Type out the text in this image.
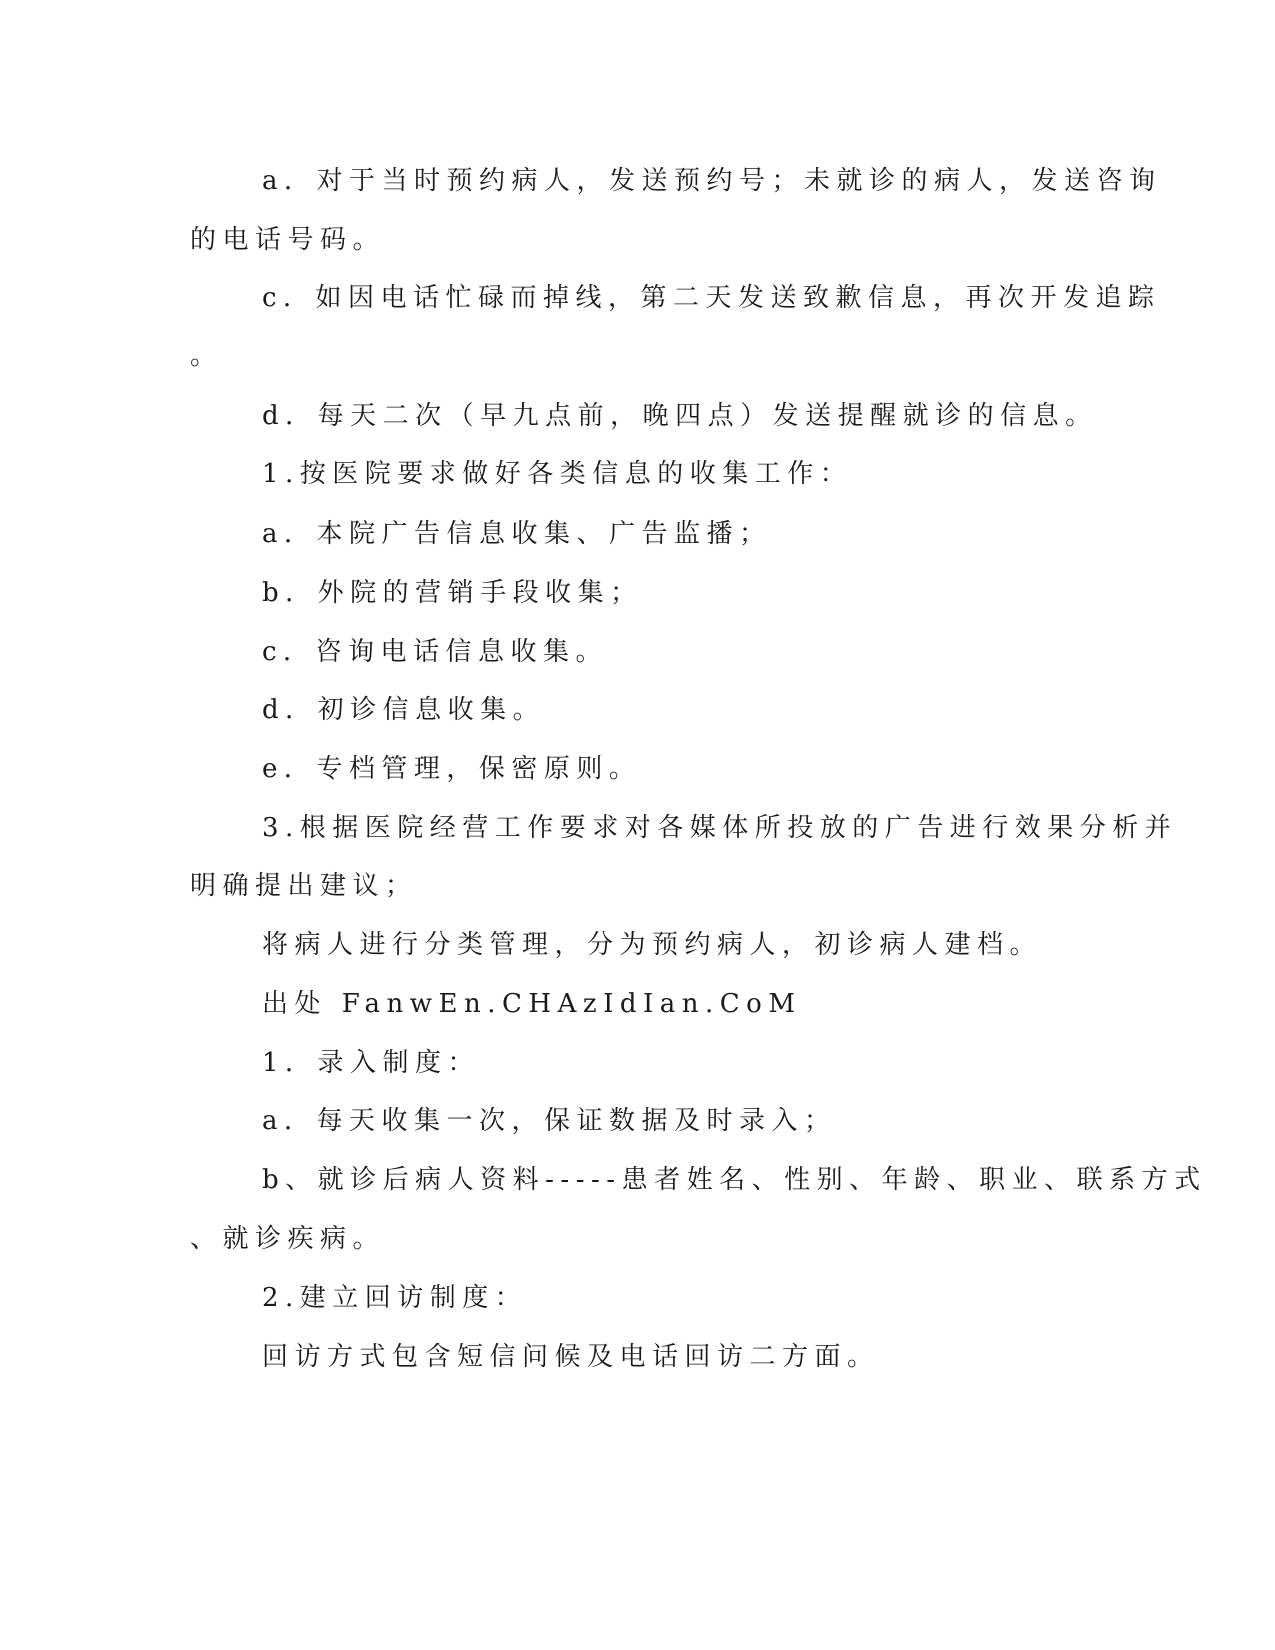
a．对于当时预约病人，发送预约号；未就诊的病人，发送咨询
的电话号码。
c．如因电话忙碌而掉线，第二天发送致歉信息，再次开发追踪
。
d．每天二次（早九点前，晚四点）发送提醒就诊的信息。
1.按医院要求做好各类信息的收集工作：
a．本院广告信息收集、广告监播；
b．外院的营销手段收集；
c．咨询电话信息收集。
d．初诊信息收集。
e．专档管理，保密原则。
3.根据医院经营工作要求对各媒体所投放的广告进行效果分析并
明确提出建议；
将病人进行分类管理，分为预约病人，初诊病人建档。
出处 FanwEn.CHAzIdIan.CoM
1．录入制度：
a．每天收集一次，保证数据及时录入；
b、就诊后病人资料-----患者姓名、性别、年龄、职业、联系方式
、就诊疾病。
2.建立回访制度：
回访方式包含短信问候及电话回访二方面。
